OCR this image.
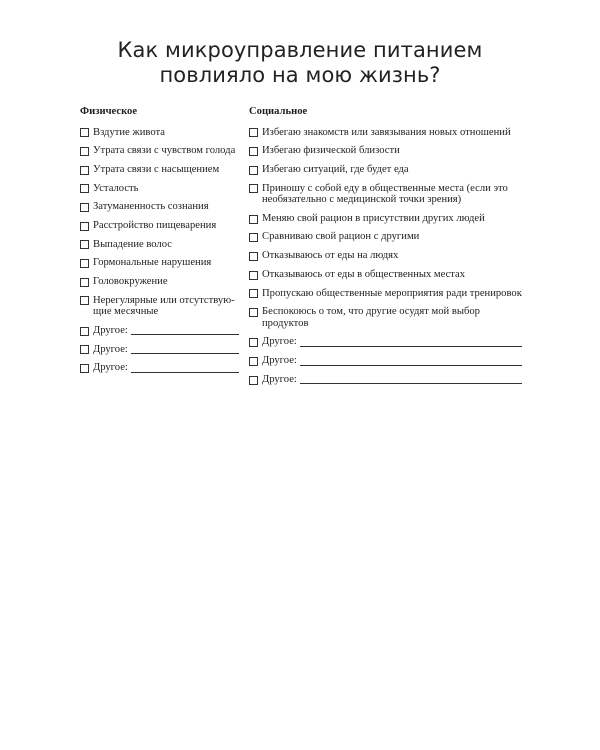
Как микроуправление питанием
повлияло на мою жизнь?
Физическое
Вздутие живота
Утрата связи с чувством голода
Утрата связи с насыщением
Усталость
Затуманенность сознания
Расстройство пищеварения
Выпадение волос
Гормональные нарушения
Головокружение
Нерегулярные или отсутствую-щие месячные
Другое:
Другое:
Другое:
Социальное
Избегаю знакомств или завязывания новых отношений
Избегаю физической близости
Избегаю ситуаций, где будет еда
Приношу с собой еду в общественные места (если это необязательно с медицинской точки зрения)
Меняю свой рацион в присутствии других людей
Сравниваю свой рацион с другими
Отказываюсь от еды на людях
Отказываюсь от еды в общественных местах
Пропускаю общественные мероприятия ради тренировок
Беспокоюсь о том, что другие осудят мой выбор продуктов
Другое:
Другое:
Другое:
